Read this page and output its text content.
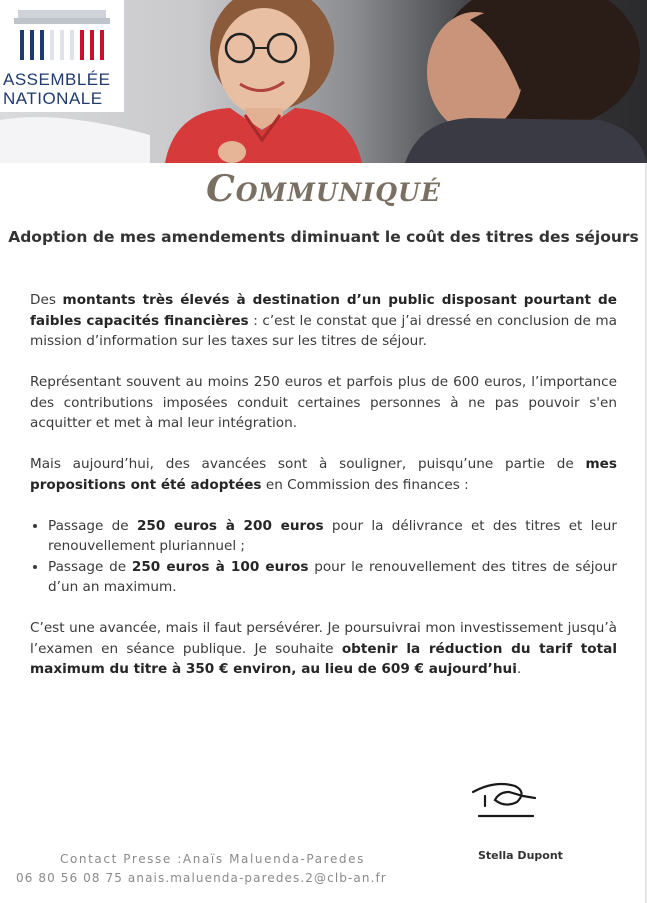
ASSEMBLÉE
NATIONALE
Communiqué
Adoption de mes amendements diminuant le coût des titres des séjours

Des montants très élevés à destination d’un public disposant pourtant de faibles capacités financières : c’est le constat que j’ai dressé en conclusion de ma mission d’information sur les taxes sur les titres de séjour.

Représentant souvent au moins 250 euros et parfois plus de 600 euros, l’importance des contributions imposées conduit certaines personnes à ne pas pouvoir s'en acquitter et met à mal leur intégration.

Mais aujourd’hui, des avancées sont à souligner, puisqu’une partie de mes propositions ont été adoptées en Commission des finances :

• Passage de 250 euros à 200 euros pour la délivrance et des titres et leur renouvellement pluriannuel ;
• Passage de 250 euros à 100 euros pour le renouvellement des titres de séjour d’un an maximum.

C’est une avancée, mais il faut persévérer. Je poursuivrai mon investissement jusqu’à l’examen en séance publique. Je souhaite obtenir la réduction du tarif total maximum du titre à 350 € environ, au lieu de 609 € aujourd’hui.

Stella Dupont
Contact Presse :Anaïs Maluenda-Paredes
06 80 56 08 75 anais.maluenda-paredes.2@clb-an.fr
